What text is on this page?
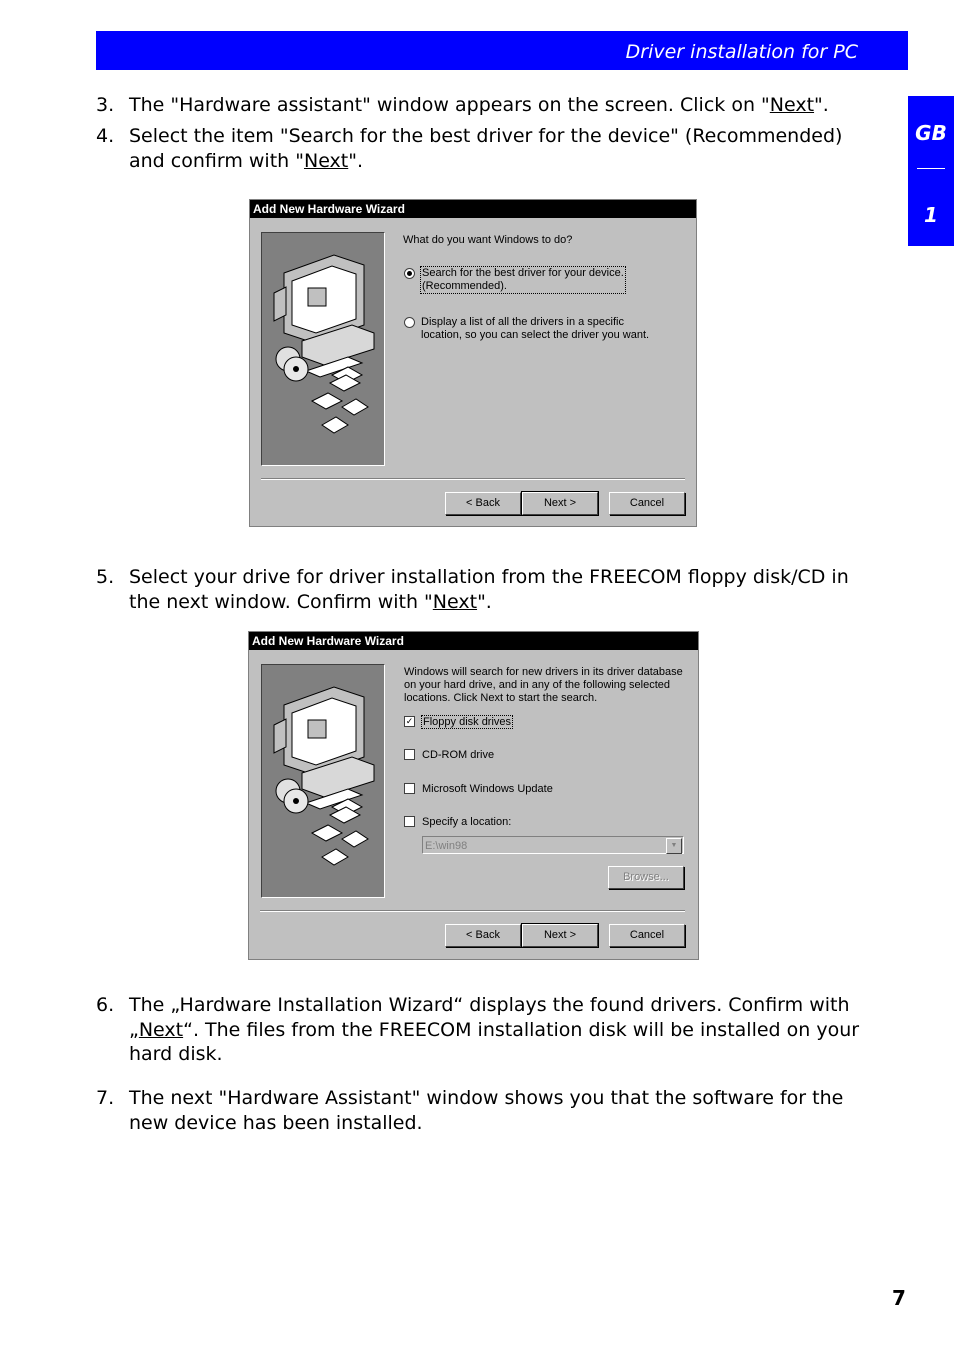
Driver installation for PC
GB
1
3. The "Hardware assistant" window appears on the screen. Click on "Next".
4. Select the item "Search for the best driver for the device" (Recommended) and confirm with "Next".
Add New Hardware Wizard
What do you want Windows to do?
Search for the best driver for your device.
(Recommended).
Display a list of all the drivers in a specific
location, so you can select the driver you want.
< Back	Next >	Cancel
5. Select your drive for driver installation from the FREECOM floppy disk/CD in the next window. Confirm with "Next".
Add New Hardware Wizard
Windows will search for new drivers in its driver database
on your hard drive, and in any of the following selected
locations. Click Next to start the search.
✓ Floppy disk drives
CD-ROM drive
Microsoft Windows Update
Specify a location:
E:\win98	▼
Browse...
< Back	Next >	Cancel
6. The „Hardware Installation Wizard“ displays the found drivers. Confirm with „Next“. The files from the FREECOM installation disk will be installed on your hard disk.
7. The next "Hardware Assistant" window shows you that the software for the new device has been installed.
7
